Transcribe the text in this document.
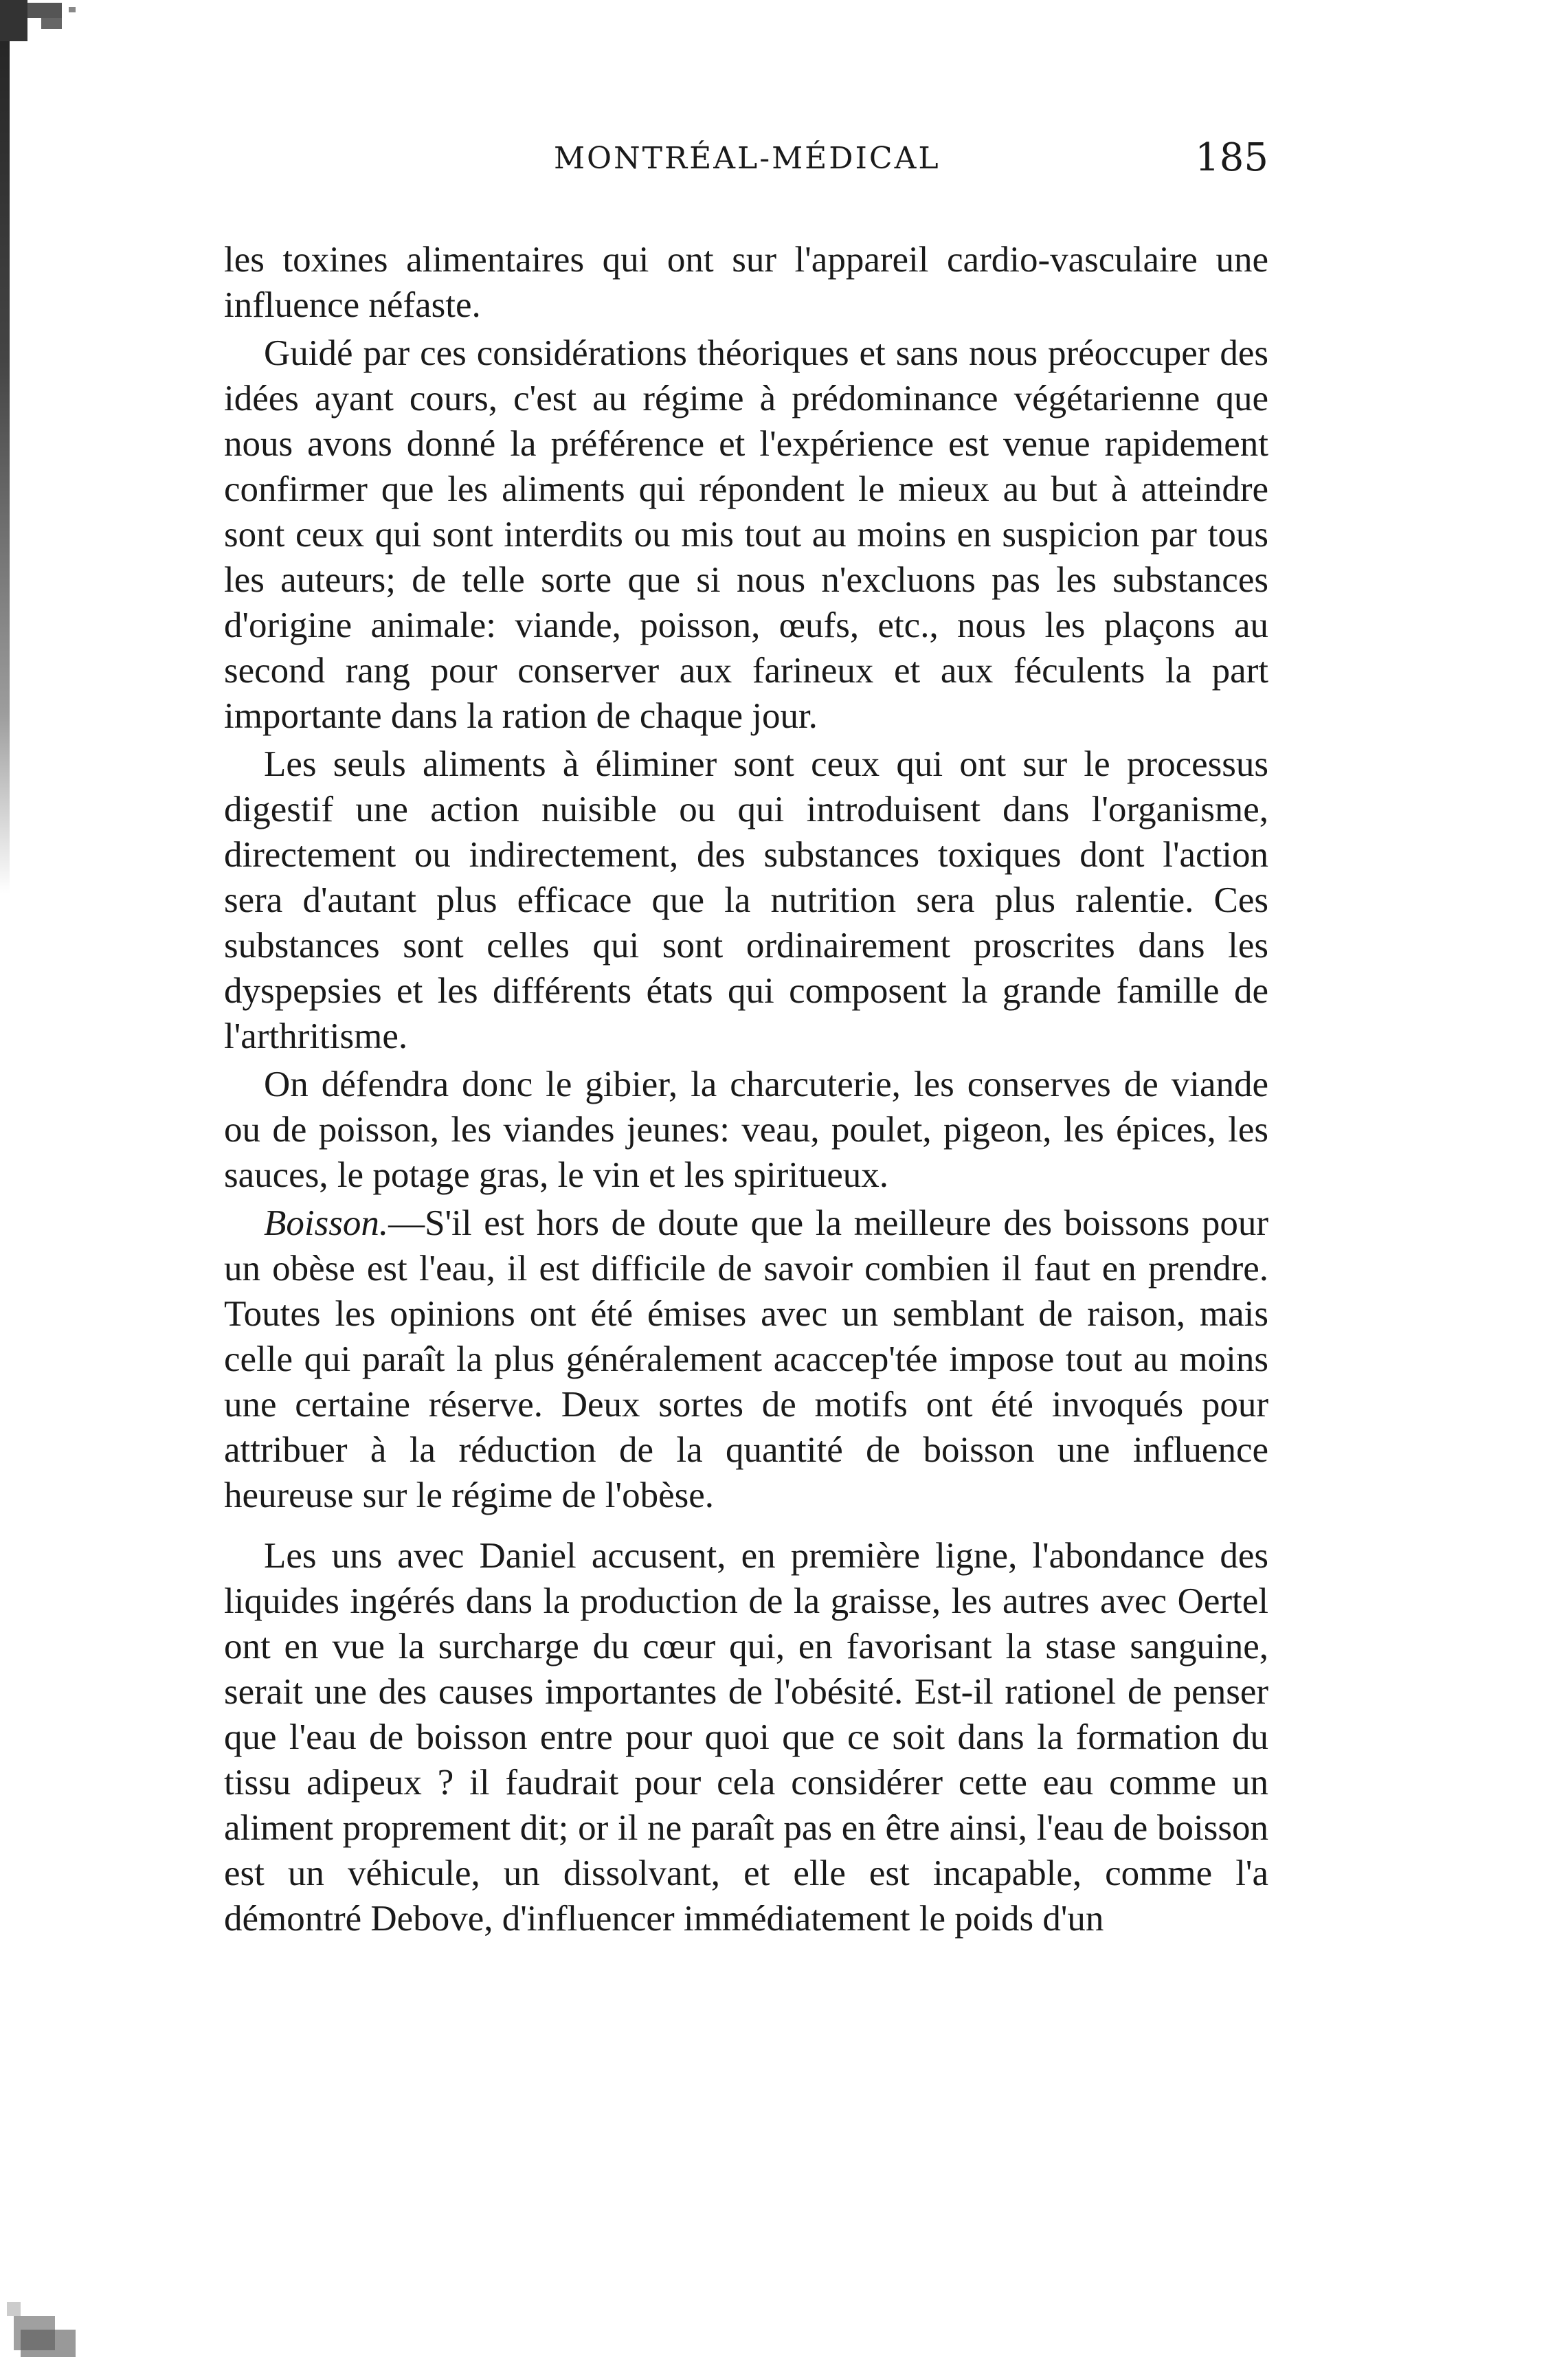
MONTRÉAL-MÉDICAL	185

les toxines alimentaires qui ont sur l'appareil cardio-vasculaire une influence néfaste.

Guidé par ces considérations théoriques et sans nous préoccuper des idées ayant cours, c'est au régime à prédominance végétarienne que nous avons donné la préférence et l'expérience est venue rapidement confirmer que les aliments qui répondent le mieux au but à atteindre sont ceux qui sont interdits ou mis tout au moins en suspicion par tous les auteurs; de telle sorte que si nous n'excluons pas les substances d'origine animale: viande, poisson, œufs, etc., nous les plaçons au second rang pour conserver aux farineux et aux féculents la part importante dans la ration de chaque jour.

Les seuls aliments à éliminer sont ceux qui ont sur le processus digestif une action nuisible ou qui introduisent dans l'organisme, directement ou indirectement, des substances toxiques dont l'action sera d'autant plus efficace que la nutrition sera plus ralentie. Ces substances sont celles qui sont ordinairement proscrites dans les dyspepsies et les différents états qui composent la grande famille de l'arthritisme.

On défendra donc le gibier, la charcuterie, les conserves de viande ou de poisson, les viandes jeunes: veau, poulet, pigeon, les épices, les sauces, le potage gras, le vin et les spiritueux.

Boisson.—S'il est hors de doute que la meilleure des boissons pour un obèse est l'eau, il est difficile de savoir combien il faut en prendre. Toutes les opinions ont été émises avec un semblant de raison, mais celle qui paraît la plus généralement acaccep'tée impose tout au moins une certaine réserve. Deux sortes de motifs ont été invoqués pour attribuer à la réduction de la quantité de boisson une influence heureuse sur le régime de l'obèse.

Les uns avec Daniel accusent, en première ligne, l'abondance des liquides ingérés dans la production de la graisse, les autres avec Oertel ont en vue la surcharge du cœur qui, en favorisant la stase sanguine, serait une des causes importantes de l'obésité. Est-il rationel de penser que l'eau de boisson entre pour quoi que ce soit dans la formation du tissu adipeux ? il faudrait pour cela considérer cette eau comme un aliment proprement dit; or il ne paraît pas en être ainsi, l'eau de boisson est un véhicule, un dissolvant, et elle est incapable, comme l'a démontré Debove, d'influencer immédiatement le poids d'un
